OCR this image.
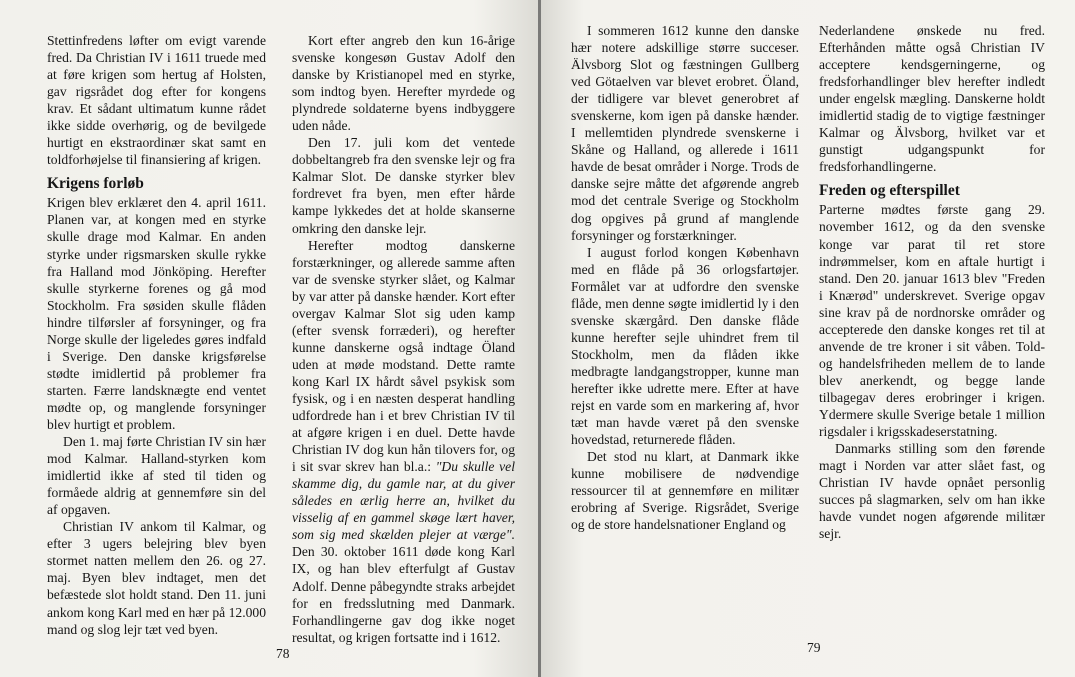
Stettinfredens løfter om evigt varende fred. Da Christian IV i 1611 truede med at føre krigen som hertug af Holsten, gav rigsrådet dog efter for kongens krav. Et sådant ultimatum kunne rådet ikke sidde overhørig, og de bevilgede hurtigt en ekstraordinær skat samt en toldforhøjelse til finansiering af krigen.

Krigens forløb

Krigen blev erklæret den 4. april 1611. Planen var, at kongen med en styrke skulle drage mod Kalmar. En anden styrke under rigsmarsken skulle rykke fra Halland mod Jönköping. Herefter skulle styrkerne forenes og gå mod Stockholm. Fra søsiden skulle flåden hindre tilførsler af forsyninger, og fra Norge skulle der ligeledes gøres indfald i Sverige. Den danske krigsførelse stødte imidlertid på problemer fra starten. Færre landsknægte end ventet mødte op, og manglende forsyninger blev hurtigt et problem.

Den 1. maj førte Christian IV sin hær mod Kalmar. Halland-styrken kom imidlertid ikke af sted til tiden og formåede aldrig at gennemføre sin del af opgaven.

Christian IV ankom til Kalmar, og efter 3 ugers belejring blev byen stormet natten mellem den 26. og 27. maj. Byen blev indtaget, men det befæstede slot holdt stand. Den 11. juni ankom kong Karl med en hær på 12.000 mand og slog lejr tæt ved byen.

Kort efter angreb den kun 16-årige svenske kongesøn Gustav Adolf den danske by Kristianopel med en styrke, som indtog byen. Herefter myrdede og plyndrede soldaterne byens indbyggere uden nåde.

Den 17. juli kom det ventede dobbeltangreb fra den svenske lejr og fra Kalmar Slot. De danske styrker blev fordrevet fra byen, men efter hårde kampe lykkedes det at holde skanserne omkring den danske lejr.

Herefter modtog danskerne forstærkninger, og allerede samme aften var de svenske styrker slået, og Kalmar by var atter på danske hænder. Kort efter overgav Kalmar Slot sig uden kamp (efter svensk forræderi), og herefter kunne danskerne også indtage Öland uden at møde modstand. Dette ramte kong Karl IX hårdt såvel psykisk som fysisk, og i en næsten desperat handling udfordrede han i et brev Christian IV til at afgøre krigen i en duel. Dette havde Christian IV dog kun hån tilovers for, og i sit svar skrev han bl.a.: "Du skulle vel skamme dig, du gamle nar, at du giver således en ærlig herre an, hvilket du visselig af en gammel skøge lært haver, som sig med skælden plejer at værge". Den 30. oktober 1611 døde kong Karl IX, og han blev efterfulgt af Gustav Adolf. Denne påbegyndte straks arbejdet for en fredsslutning med Danmark. Forhandlingerne gav dog ikke noget resultat, og krigen fortsatte ind i 1612.

78

I sommeren 1612 kunne den danske hær notere adskillige større succeser. Älvsborg Slot og fæstningen Gullberg ved Götaelven var blevet erobret. Öland, der tidligere var blevet generobret af svenskerne, kom igen på danske hænder. I mellemtiden plyndrede svenskerne i Skåne og Halland, og allerede i 1611 havde de besat områder i Norge. Trods de danske sejre måtte det afgørende angreb mod det centrale Sverige og Stockholm dog opgives på grund af manglende forsyninger og forstærkninger.

I august forlod kongen København med en flåde på 36 orlogsfartøjer. Formålet var at udfordre den svenske flåde, men denne søgte imidlertid ly i den svenske skærgård. Den danske flåde kunne herefter sejle uhindret frem til Stockholm, men da flåden ikke medbragte landgangstropper, kunne man herefter ikke udrette mere. Efter at have rejst en varde som en markering af, hvor tæt man havde været på den svenske hovedstad, returnerede flåden.

Det stod nu klart, at Danmark ikke kunne mobilisere de nødvendige ressourcer til at gennemføre en militær erobring af Sverige. Rigsrådet, Sverige og de store handelsnationer England og

Nederlandene ønskede nu fred. Efterhånden måtte også Christian IV acceptere kendsgerningerne, og fredsforhandlinger blev herefter indledt under engelsk mægling. Danskerne holdt imidlertid stadig de to vigtige fæstninger Kalmar og Älvsborg, hvilket var et gunstigt udgangspunkt for fredsforhandlingerne.

Freden og efterspillet

Parterne mødtes første gang 29. november 1612, og da den svenske konge var parat til ret store indrømmelser, kom en aftale hurtigt i stand. Den 20. januar 1613 blev "Freden i Knærød" underskrevet. Sverige opgav sine krav på de nordnorske områder og accepterede den danske konges ret til at anvende de tre kroner i sit våben. Told- og handelsfriheden mellem de to lande blev anerkendt, og begge lande tilbagegav deres erobringer i krigen. Ydermere skulle Sverige betale 1 million rigsdaler i krigsskadeserstatning.

Danmarks stilling som den førende magt i Norden var atter slået fast, og Christian IV havde opnået personlig succes på slagmarken, selv om han ikke havde vundet nogen afgørende militær sejr.

79
